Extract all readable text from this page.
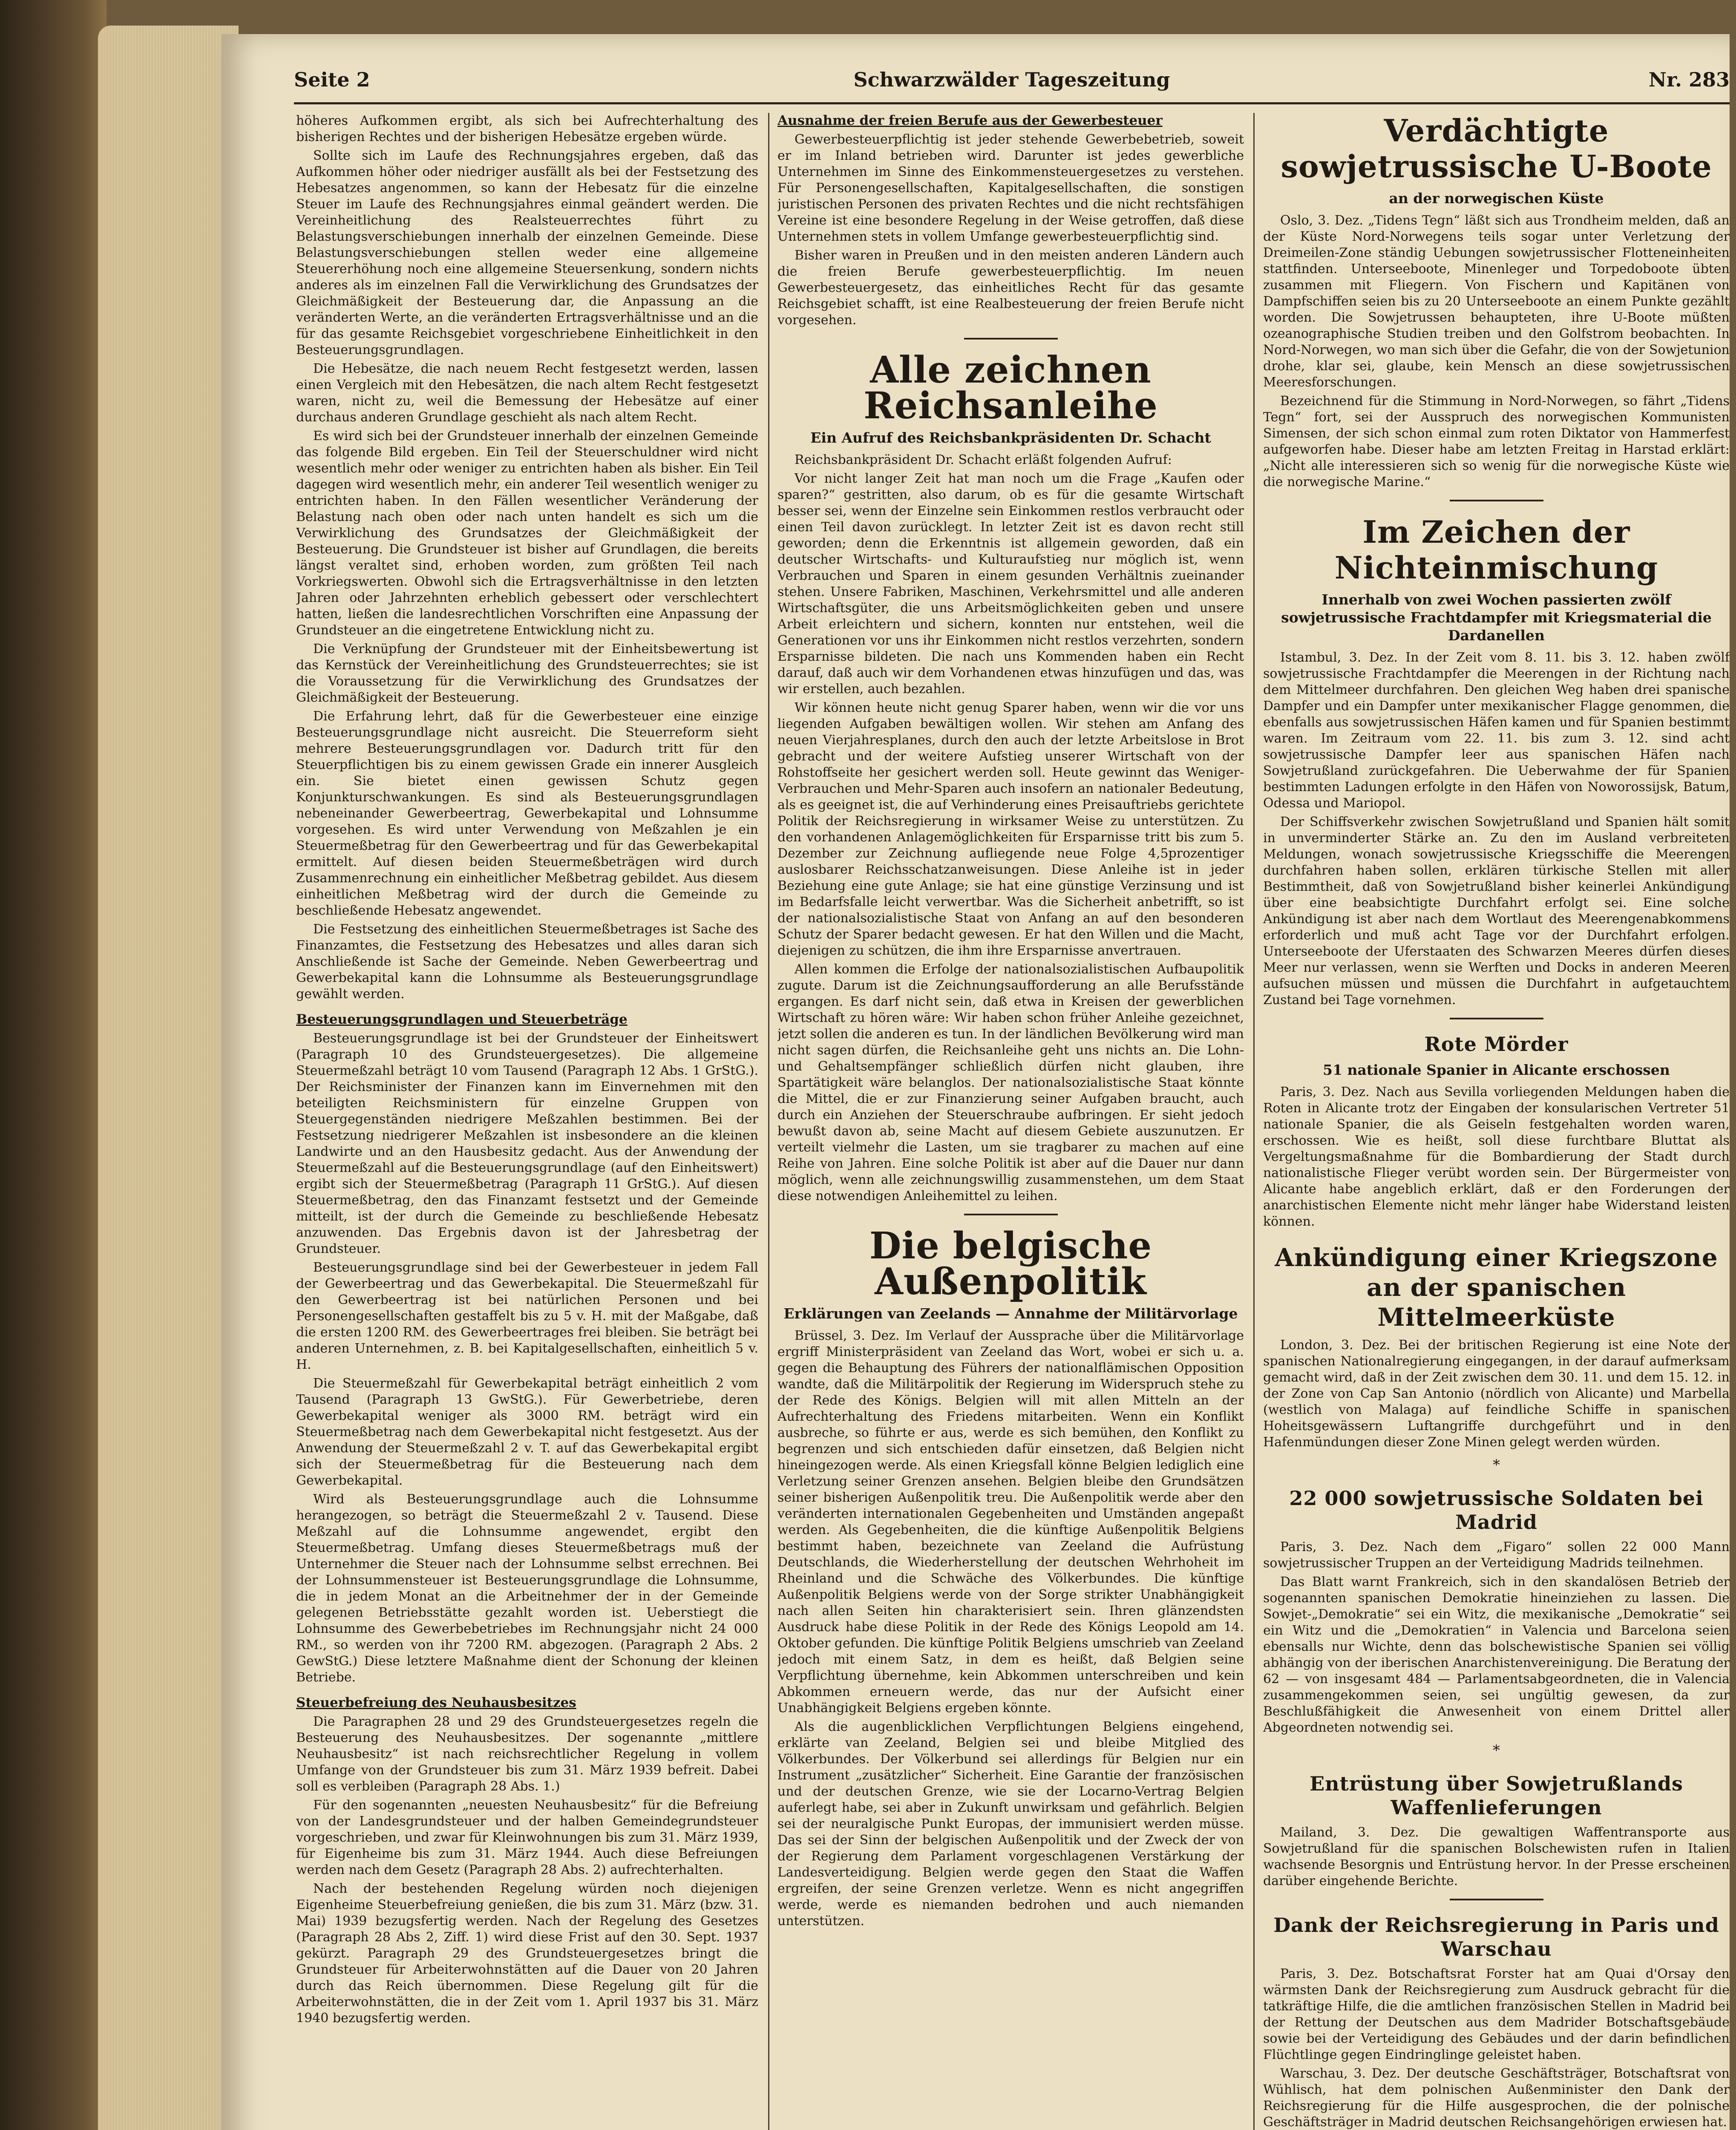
Seite 2	Schwarzwälder Tageszeitung	Nr. 283

höheres Aufkommen ergibt, als sich bei Aufrechterhaltung des bisherigen Rechtes und der bisherigen Hebesätze ergeben würde.

Sollte sich im Laufe des Rechnungsjahres ergeben, daß das Aufkommen höher oder niedriger ausfällt als bei der Festsetzung des Hebesatzes angenommen, so kann der Hebesatz für die einzelne Steuer im Laufe des Rechnungsjahres einmal geändert werden. Die Vereinheitlichung des Realsteuerrechtes führt zu Belastungsverschiebungen innerhalb der einzelnen Gemeinde. Diese Belastungsverschiebungen stellen weder eine allgemeine Steuererhöhung noch eine allgemeine Steuersenkung, sondern nichts anderes als im einzelnen Fall die Verwirklichung des Grundsatzes der Gleichmäßigkeit der Besteuerung dar, die Anpassung an die veränderten Werte, an die veränderten Ertragsverhältnisse und an die für das gesamte Reichsgebiet vorgeschriebene Einheitlichkeit in den Besteuerungsgrundlagen.

Die Hebesätze, die nach neuem Recht festgesetzt werden, lassen einen Vergleich mit den Hebesätzen, die nach altem Recht festgesetzt waren, nicht zu, weil die Bemessung der Hebesätze auf einer durchaus anderen Grundlage geschieht als nach altem Recht.

Es wird sich bei der Grundsteuer innerhalb der einzelnen Gemeinde das folgende Bild ergeben. Ein Teil der Steuerschuldner wird nicht wesentlich mehr oder weniger zu entrichten haben als bisher. Ein Teil dagegen wird wesentlich mehr, ein anderer Teil wesentlich weniger zu entrichten haben. In den Fällen wesentlicher Veränderung der Belastung nach oben oder nach unten handelt es sich um die Verwirklichung des Grundsatzes der Gleichmäßigkeit der Besteuerung. Die Grundsteuer ist bisher auf Grundlagen, die bereits längst veraltet sind, erhoben worden, zum größten Teil nach Vorkriegswerten. Obwohl sich die Ertragsverhältnisse in den letzten Jahren oder Jahrzehnten erheblich gebessert oder verschlechtert hatten, ließen die landesrechtlichen Vorschriften eine Anpassung der Grundsteuer an die eingetretene Entwicklung nicht zu.

Die Verknüpfung der Grundsteuer mit der Einheitsbewertung ist das Kernstück der Vereinheitlichung des Grundsteuerrechtes; sie ist die Voraussetzung für die Verwirklichung des Grundsatzes der Gleichmäßigkeit der Besteuerung.

Die Erfahrung lehrt, daß für die Gewerbesteuer eine einzige Besteuerungsgrundlage nicht ausreicht. Die Steuerreform sieht mehrere Besteuerungsgrundlagen vor. Dadurch tritt für den Steuerpflichtigen bis zu einem gewissen Grade ein innerer Ausgleich ein. Sie bietet einen gewissen Schutz gegen Konjunkturschwankungen. Es sind als Besteuerungsgrundlagen nebeneinander Gewerbeertrag, Gewerbekapital und Lohnsumme vorgesehen. Es wird unter Verwendung von Meßzahlen je ein Steuermeßbetrag für den Gewerbeertrag und für das Gewerbekapital ermittelt. Auf diesen beiden Steuermeßbeträgen wird durch Zusammenrechnung ein einheitlicher Meßbetrag gebildet. Aus diesem einheitlichen Meßbetrag wird der durch die Gemeinde zu beschließende Hebesatz angewendet.

Die Festsetzung des einheitlichen Steuermeßbetrages ist Sache des Finanzamtes, die Festsetzung des Hebesatzes und alles daran sich Anschließende ist Sache der Gemeinde. Neben Gewerbeertrag und Gewerbekapital kann die Lohnsumme als Besteuerungsgrundlage gewählt werden.

Besteuerungsgrundlagen und Steuerbeträge

Besteuerungsgrundlage ist bei der Grundsteuer der Einheitswert (Paragraph 10 des Grundsteuergesetzes). Die allgemeine Steuermeßzahl beträgt 10 vom Tausend (Paragraph 12 Abs. 1 GrStG.). Der Reichsminister der Finanzen kann im Einvernehmen mit den beteiligten Reichsministern für einzelne Gruppen von Steuergegenständen niedrigere Meßzahlen bestimmen. Bei der Festsetzung niedrigerer Meßzahlen ist insbesondere an die kleinen Landwirte und an den Hausbesitz gedacht. Aus der Anwendung der Steuermeßzahl auf die Besteuerungsgrundlage (auf den Einheitswert) ergibt sich der Steuermeßbetrag (Paragraph 11 GrStG.). Auf diesen Steuermeßbetrag, den das Finanzamt festsetzt und der Gemeinde mitteilt, ist der durch die Gemeinde zu beschließende Hebesatz anzuwenden. Das Ergebnis davon ist der Jahresbetrag der Grundsteuer.

Besteuerungsgrundlage sind bei der Gewerbesteuer in jedem Fall der Gewerbeertrag und das Gewerbekapital. Die Steuermeßzahl für den Gewerbeertrag ist bei natürlichen Personen und bei Personengesellschaften gestaffelt bis zu 5 v. H. mit der Maßgabe, daß die ersten 1200 RM. des Gewerbeertrages frei bleiben. Sie beträgt bei anderen Unternehmen, z. B. bei Kapitalgesellschaften, einheitlich 5 v. H.

Die Steuermeßzahl für Gewerbekapital beträgt einheitlich 2 vom Tausend (Paragraph 13 GwStG.). Für Gewerbetriebe, deren Gewerbekapital weniger als 3000 RM. beträgt wird ein Steuermeßbetrag nach dem Gewerbekapital nicht festgesetzt. Aus der Anwendung der Steuermeßzahl 2 v. T. auf das Gewerbekapital ergibt sich der Steuermeßbetrag für die Besteuerung nach dem Gewerbekapital.

Wird als Besteuerungsgrundlage auch die Lohnsumme herangezogen, so beträgt die Steuermeßzahl 2 v. Tausend. Diese Meßzahl auf die Lohnsumme angewendet, ergibt den Steuermeßbetrag. Umfang dieses Steuermeßbetrags muß der Unternehmer die Steuer nach der Lohnsumme selbst errechnen. Bei der Lohnsummensteuer ist Besteuerungsgrundlage die Lohnsumme, die in jedem Monat an die Arbeitnehmer der in der Gemeinde gelegenen Betriebsstätte gezahlt worden ist. Ueberstiegt die Lohnsumme des Gewerbebetriebes im Rechnungsjahr nicht 24 000 RM., so werden von ihr 7200 RM. abgezogen. (Paragraph 2 Abs. 2 GewStG.) Diese letztere Maßnahme dient der Schonung der kleinen Betriebe.

Steuerbefreiung des Neuhausbesitzes

Die Paragraphen 28 und 29 des Grundsteuergesetzes regeln die Besteuerung des Neuhausbesitzes. Der sogenannte „mittlere Neuhausbesitz“ ist nach reichsrechtlicher Regelung in vollem Umfange von der Grundsteuer bis zum 31. März 1939 befreit. Dabei soll es verbleiben (Paragraph 28 Abs. 1.)

Für den sogenannten „neuesten Neuhausbesitz“ für die Befreiung von der Landesgrundsteuer und der halben Gemeindegrundsteuer vorgeschrieben, und zwar für Kleinwohnungen bis zum 31. März 1939, für Eigenheime bis zum 31. März 1944. Auch diese Befreiungen werden nach dem Gesetz (Paragraph 28 Abs. 2) aufrechterhalten.

Nach der bestehenden Regelung würden noch diejenigen Eigenheime Steuerbefreiung genießen, die bis zum 31. März (bzw. 31. Mai) 1939 bezugsfertig werden. Nach der Regelung des Gesetzes (Paragraph 28 Abs 2, Ziff. 1) wird diese Frist auf den 30. Sept. 1937 gekürzt. Paragraph 29 des Grundsteuergesetzes bringt die Grundsteuer für Arbeiterwohnstätten auf die Dauer von 20 Jahren durch das Reich übernommen. Diese Regelung gilt für die Arbeiterwohnstätten, die in der Zeit vom 1. April 1937 bis 31. März 1940 bezugsfertig werden.

Ausnahme der freien Berufe aus der Gewerbesteuer

Gewerbesteuerpflichtig ist jeder stehende Gewerbebetrieb, soweit er im Inland betrieben wird. Darunter ist jedes gewerbliche Unternehmen im Sinne des Einkommensteuergesetzes zu verstehen. Für Personengesellschaften, Kapitalgesellschaften, die sonstigen juristischen Personen des privaten Rechtes und die nicht rechtsfähigen Vereine ist eine besondere Regelung in der Weise getroffen, daß diese Unternehmen stets in vollem Umfange gewerbesteuerpflichtig sind.

Bisher waren in Preußen und in den meisten anderen Ländern auch die freien Berufe gewerbesteuerpflichtig. Im neuen Gewerbesteuergesetz, das einheitliches Recht für das gesamte Reichsgebiet schafft, ist eine Realbesteuerung der freien Berufe nicht vorgesehen.

Alle zeichnen Reichsanleihe
Ein Aufruf des Reichsbankpräsidenten Dr. Schacht

Reichsbankpräsident Dr. Schacht erläßt folgenden Aufruf:

Vor nicht langer Zeit hat man noch um die Frage „Kaufen oder sparen?“ gestritten, also darum, ob es für die gesamte Wirtschaft besser sei, wenn der Einzelne sein Einkommen restlos verbraucht oder einen Teil davon zurücklegt. In letzter Zeit ist es davon recht still geworden; denn die Erkenntnis ist allgemein geworden, daß ein deutscher Wirtschafts- und Kulturaufstieg nur möglich ist, wenn Verbrauchen und Sparen in einem gesunden Verhältnis zueinander stehen. Unsere Fabriken, Maschinen, Verkehrsmittel und alle anderen Wirtschaftsgüter, die uns Arbeitsmöglichkeiten geben und unsere Arbeit erleichtern und sichern, konnten nur entstehen, weil die Generationen vor uns ihr Einkommen nicht restlos verzehrten, sondern Ersparnisse bildeten. Die nach uns Kommenden haben ein Recht darauf, daß auch wir dem Vorhandenen etwas hinzufügen und das, was wir erstellen, auch bezahlen.

Wir können heute nicht genug Sparer haben, wenn wir die vor uns liegenden Aufgaben bewältigen wollen. Wir stehen am Anfang des neuen Vierjahresplanes, durch den auch der letzte Arbeitslose in Brot gebracht und der weitere Aufstieg unserer Wirtschaft von der Rohstoffseite her gesichert werden soll. Heute gewinnt das Weniger-Verbrauchen und Mehr-Sparen auch insofern an nationaler Bedeutung, als es geeignet ist, die auf Verhinderung eines Preisauftriebs gerichtete Politik der Reichsregierung in wirksamer Weise zu unterstützen. Zu den vorhandenen Anlagemöglichkeiten für Ersparnisse tritt bis zum 5. Dezember zur Zeichnung aufliegende neue Folge 4,5prozentiger auslosbarer Reichsschatzanweisungen. Diese Anleihe ist in jeder Beziehung eine gute Anlage; sie hat eine günstige Verzinsung und ist im Bedarfsfalle leicht verwertbar. Was die Sicherheit anbetrifft, so ist der nationalsozialistische Staat von Anfang an auf den besonderen Schutz der Sparer bedacht gewesen. Er hat den Willen und die Macht, diejenigen zu schützen, die ihm ihre Ersparnisse anvertrauen.

Allen kommen die Erfolge der nationalsozialistischen Aufbaupolitik zugute. Darum ist die Zeichnungsaufforderung an alle Berufsstände ergangen. Es darf nicht sein, daß etwa in Kreisen der gewerblichen Wirtschaft zu hören wäre: Wir haben schon früher Anleihe gezeichnet, jetzt sollen die anderen es tun. In der ländlichen Bevölkerung wird man nicht sagen dürfen, die Reichsanleihe geht uns nichts an. Die Lohn- und Gehaltsempfänger schließlich dürfen nicht glauben, ihre Spartätigkeit wäre belanglos. Der nationalsozialistische Staat könnte die Mittel, die er zur Finanzierung seiner Aufgaben braucht, auch durch ein Anziehen der Steuerschraube aufbringen. Er sieht jedoch bewußt davon ab, seine Macht auf diesem Gebiete auszunutzen. Er verteilt vielmehr die Lasten, um sie tragbarer zu machen auf eine Reihe von Jahren. Eine solche Politik ist aber auf die Dauer nur dann möglich, wenn alle zeichnungswillig zusammenstehen, um dem Staat diese notwendigen Anleihemittel zu leihen.

Die belgische Außenpolitik
Erklärungen van Zeelands — Annahme der Militärvorlage

Brüssel, 3. Dez. Im Verlauf der Aussprache über die Militärvorlage ergriff Ministerpräsident van Zeeland das Wort, wobei er sich u. a. gegen die Behauptung des Führers der nationalflämischen Opposition wandte, daß die Militärpolitik der Regierung im Widerspruch stehe zu der Rede des Königs. Belgien will mit allen Mitteln an der Aufrechterhaltung des Friedens mitarbeiten. Wenn ein Konflikt ausbreche, so führte er aus, werde es sich bemühen, den Konflikt zu begrenzen und sich entschieden dafür einsetzen, daß Belgien nicht hineingezogen werde. Als einen Kriegsfall könne Belgien lediglich eine Verletzung seiner Grenzen ansehen. Belgien bleibe den Grundsätzen seiner bisherigen Außenpolitik treu. Die Außenpolitik werde aber den veränderten internationalen Gegebenheiten und Umständen angepaßt werden. Als Gegebenheiten, die die künftige Außenpolitik Belgiens bestimmt haben, bezeichnete van Zeeland die Aufrüstung Deutschlands, die Wiederherstellung der deutschen Wehrhoheit im Rheinland und die Schwäche des Völkerbundes. Die künftige Außenpolitik Belgiens werde von der Sorge strikter Unabhängigkeit nach allen Seiten hin charakterisiert sein. Ihren glänzendsten Ausdruck habe diese Politik in der Rede des Königs Leopold am 14. Oktober gefunden. Die künftige Politik Belgiens umschrieb van Zeeland jedoch mit einem Satz, in dem es heißt, daß Belgien seine Verpflichtung übernehme, kein Abkommen unterschreiben und kein Abkommen erneuern werde, das nur der Aufsicht einer Unabhängigkeit Belgiens ergeben könnte.

Als die augenblicklichen Verpflichtungen Belgiens eingehend, erklärte van Zeeland, Belgien sei und bleibe Mitglied des Völkerbundes. Der Völkerbund sei allerdings für Belgien nur ein Instrument „zusätzlicher“ Sicherheit. Eine Garantie der französischen und der deutschen Grenze, wie sie der Locarno-Vertrag Belgien auferlegt habe, sei aber in Zukunft unwirksam und gefährlich. Belgien sei der neuralgische Punkt Europas, der immunisiert werden müsse. Das sei der Sinn der belgischen Außenpolitik und der Zweck der von der Regierung dem Parlament vorgeschlagenen Verstärkung der Landesverteidigung. Belgien werde gegen den Staat die Waffen ergreifen, der seine Grenzen verletze. Wenn es nicht angegriffen werde, werde es niemanden bedrohen und auch niemanden unterstützen.

Verdächtigte sowjetrussische U-Boote
an der norwegischen Küste

Oslo, 3. Dez. „Tidens Tegn“ läßt sich aus Trondheim melden, daß an der Küste Nord-Norwegens teils sogar unter Verletzung der Dreimeilen-Zone ständig Uebungen sowjetrussischer Flotteneinheiten stattfinden. Unterseeboote, Minenleger und Torpedoboote übten zusammen mit Fliegern. Von Fischern und Kapitänen von Dampfschiffen seien bis zu 20 Unterseeboote an einem Punkte gezählt worden. Die Sowjetrussen behaupteten, ihre U-Boote müßten ozeanographische Studien treiben und den Golfstrom beobachten. In Nord-Norwegen, wo man sich über die Gefahr, die von der Sowjetunion drohe, klar sei, glaube, kein Mensch an diese sowjetrussischen Meeresforschungen.

Bezeichnend für die Stimmung in Nord-Norwegen, so fährt „Tidens Tegn“ fort, sei der Ausspruch des norwegischen Kommunisten Simensen, der sich schon einmal zum roten Diktator von Hammerfest aufgeworfen habe. Dieser habe am letzten Freitag in Harstad erklärt: „Nicht alle interessieren sich so wenig für die norwegische Küste wie die norwegische Marine.“

Im Zeichen der Nichteinmischung
Innerhalb von zwei Wochen passierten zwölf sowjetrussische Frachtdampfer mit Kriegsmaterial die Dardanellen

Istambul, 3. Dez. In der Zeit vom 8. 11. bis 3. 12. haben zwölf sowjetrussische Frachtdampfer die Meerengen in der Richtung nach dem Mittelmeer durchfahren. Den gleichen Weg haben drei spanische Dampfer und ein Dampfer unter mexikanischer Flagge genommen, die ebenfalls aus sowjetrussischen Häfen kamen und für Spanien bestimmt waren. Im Zeitraum vom 22. 11. bis zum 3. 12. sind acht sowjetrussische Dampfer leer aus spanischen Häfen nach Sowjetrußland zurückgefahren. Die Ueberwahme der für Spanien bestimmten Ladungen erfolgte in den Häfen von Noworossijsk, Batum, Odessa und Mariopol.

Der Schiffsverkehr zwischen Sowjetrußland und Spanien hält somit in unverminderter Stärke an. Zu den im Ausland verbreiteten Meldungen, wonach sowjetrussische Kriegsschiffe die Meerengen durchfahren haben sollen, erklären türkische Stellen mit aller Bestimmtheit, daß von Sowjetrußland bisher keinerlei Ankündigung über eine beabsichtigte Durchfahrt erfolgt sei. Eine solche Ankündigung ist aber nach dem Wortlaut des Meerengenabkommens erforderlich und muß acht Tage vor der Durchfahrt erfolgen. Unterseeboote der Uferstaaten des Schwarzen Meeres dürfen dieses Meer nur verlassen, wenn sie Werften und Docks in anderen Meeren aufsuchen müssen und müssen die Durchfahrt in aufgetauchtem Zustand bei Tage vornehmen.

Rote Mörder
51 nationale Spanier in Alicante erschossen

Paris, 3. Dez. Nach aus Sevilla vorliegenden Meldungen haben die Roten in Alicante trotz der Eingaben der konsularischen Vertreter 51 nationale Spanier, die als Geiseln festgehalten worden waren, erschossen. Wie es heißt, soll diese furchtbare Bluttat als Vergeltungsmaßnahme für die Bombardierung der Stadt durch nationalistische Flieger verübt worden sein. Der Bürgermeister von Alicante habe angeblich erklärt, daß er den Forderungen der anarchistischen Elemente nicht mehr länger habe Widerstand leisten können.

Ankündigung einer Kriegszone an der spanischen Mittelmeerküste

London, 3. Dez. Bei der britischen Regierung ist eine Note der spanischen Nationalregierung eingegangen, in der darauf aufmerksam gemacht wird, daß in der Zeit zwischen dem 30. 11. und dem 15. 12. in der Zone von Cap San Antonio (nördlich von Alicante) und Marbella (westlich von Malaga) auf feindliche Schiffe in spanischen Hoheitsgewässern Luftangriffe durchgeführt und in den Hafenmündungen dieser Zone Minen gelegt werden würden.

*
22 000 sowjetrussische Soldaten bei Madrid

Paris, 3. Dez. Nach dem „Figaro“ sollen 22 000 Mann sowjetrussischer Truppen an der Verteidigung Madrids teilnehmen.

Das Blatt warnt Frankreich, sich in den skandalösen Betrieb der sogenannten spanischen Demokratie hineinziehen zu lassen. Die Sowjet-„Demokratie“ sei ein Witz, die mexikanische „Demokratie“ sei ein Witz und die „Demokratien“ in Valencia und Barcelona seien ebensalls nur Wichte, denn das bolschewistische Spanien sei völlig abhängig von der iberischen Anarchistenvereinigung. Die Beratung der 62 — von insgesamt 484 — Parlamentsabgeordneten, die in Valencia zusammengekommen seien, sei ungültig gewesen, da zur Beschlußfähigkeit die Anwesenheit von einem Drittel aller Abgeordneten notwendig sei.

*
Entrüstung über Sowjetrußlands Waffenlieferungen

Mailand, 3. Dez. Die gewaltigen Waffentransporte aus Sowjetrußland für die spanischen Bolschewisten rufen in Italien wachsende Besorgnis und Entrüstung hervor. In der Presse erscheinen darüber eingehende Berichte.

Dank der Reichsregierung in Paris und Warschau

Paris, 3. Dez. Botschaftsrat Forster hat am Quai d'Orsay den wärmsten Dank der Reichsregierung zum Ausdruck gebracht für die tatkräftige Hilfe, die die amtlichen französischen Stellen in Madrid bei der Rettung der Deutschen aus dem Madrider Botschaftsgebäude sowie bei der Verteidigung des Gebäudes und der darin befindlichen Flüchtlinge gegen Eindringlinge geleistet haben.

Warschau, 3. Dez. Der deutsche Geschäftsträger, Botschaftsrat von Wühlisch, hat dem polnischen Außenminister den Dank der Reichsregierung für die Hilfe ausgesprochen, die der polnische Geschäftsträger in Madrid deutschen Reichsangehörigen erwiesen hat.
